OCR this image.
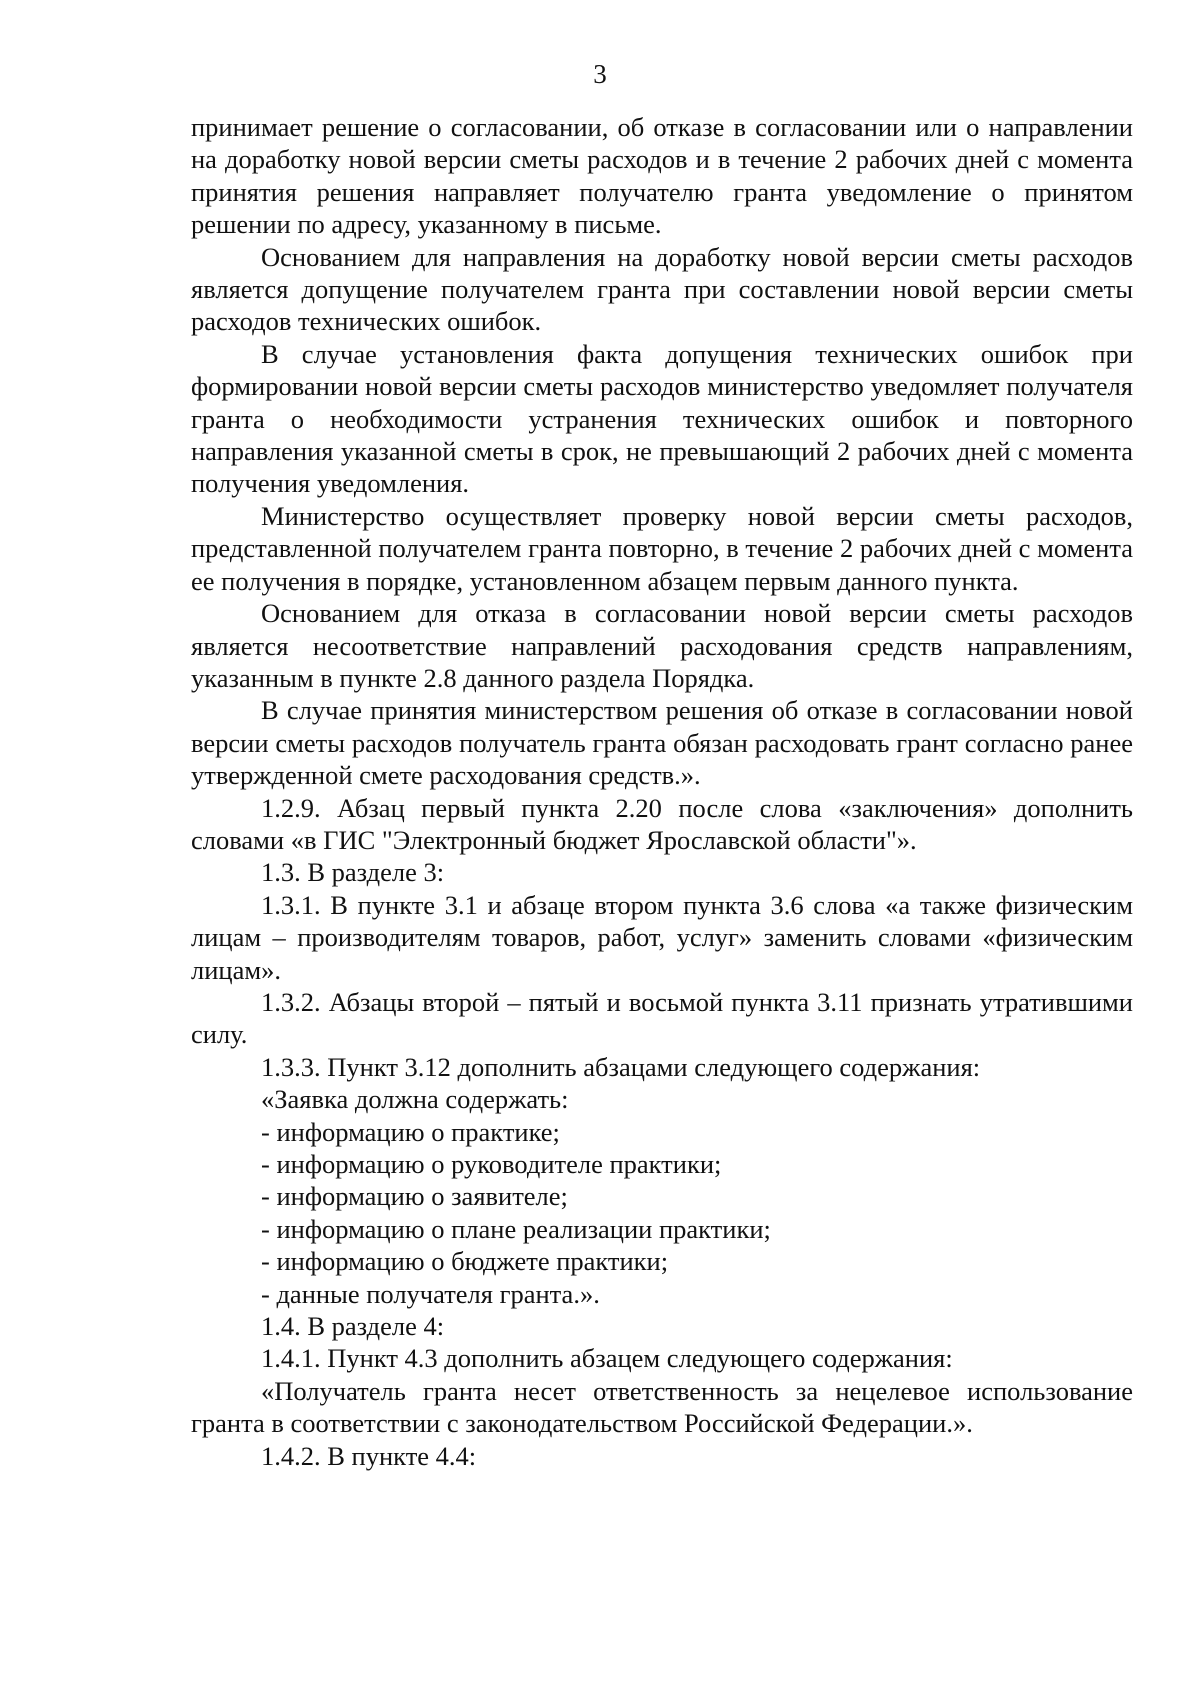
3

принимает решение о согласовании, об отказе в согласовании или о направлении на доработку новой версии сметы расходов и в течение 2 рабочих дней с момента принятия решения направляет получателю гранта уведомление о принятом решении по адресу, указанному в письме.

Основанием для направления на доработку новой версии сметы расходов является допущение получателем гранта при составлении новой версии сметы расходов технических ошибок.

В случае установления факта допущения технических ошибок при формировании новой версии сметы расходов министерство уведомляет получателя гранта о необходимости устранения технических ошибок и повторного направления указанной сметы в срок, не превышающий 2 рабочих дней с момента получения уведомления.

Министерство осуществляет проверку новой версии сметы расходов, представленной получателем гранта повторно, в течение 2 рабочих дней с момента ее получения в порядке, установленном абзацем первым данного пункта.

Основанием для отказа в согласовании новой версии сметы расходов является несоответствие направлений расходования средств направлениям, указанным в пункте 2.8 данного раздела Порядка.

В случае принятия министерством решения об отказе в согласовании новой версии сметы расходов получатель гранта обязан расходовать грант согласно ранее утвержденной смете расходования средств.».

1.2.9. Абзац первый пункта 2.20 после слова «заключения» дополнить словами «в ГИС "Электронный бюджет Ярославской области"».

1.3. В разделе 3:

1.3.1. В пункте 3.1 и абзаце втором пункта 3.6 слова «а также физическим лицам – производителям товаров, работ, услуг» заменить словами «физическим лицам».

1.3.2. Абзацы второй – пятый и восьмой пункта 3.11 признать утратившими силу.

1.3.3. Пункт 3.12 дополнить абзацами следующего содержания:

«Заявка должна содержать:

- информацию о практике;

- информацию о руководителе практики;

- информацию о заявителе;

- информацию о плане реализации практики;

- информацию о бюджете практики;

- данные получателя гранта.».

1.4. В разделе 4:

1.4.1. Пункт 4.3 дополнить абзацем следующего содержания:

«Получатель гранта несет ответственность за нецелевое использование гранта в соответствии с законодательством Российской Федерации.».

1.4.2. В пункте 4.4:
